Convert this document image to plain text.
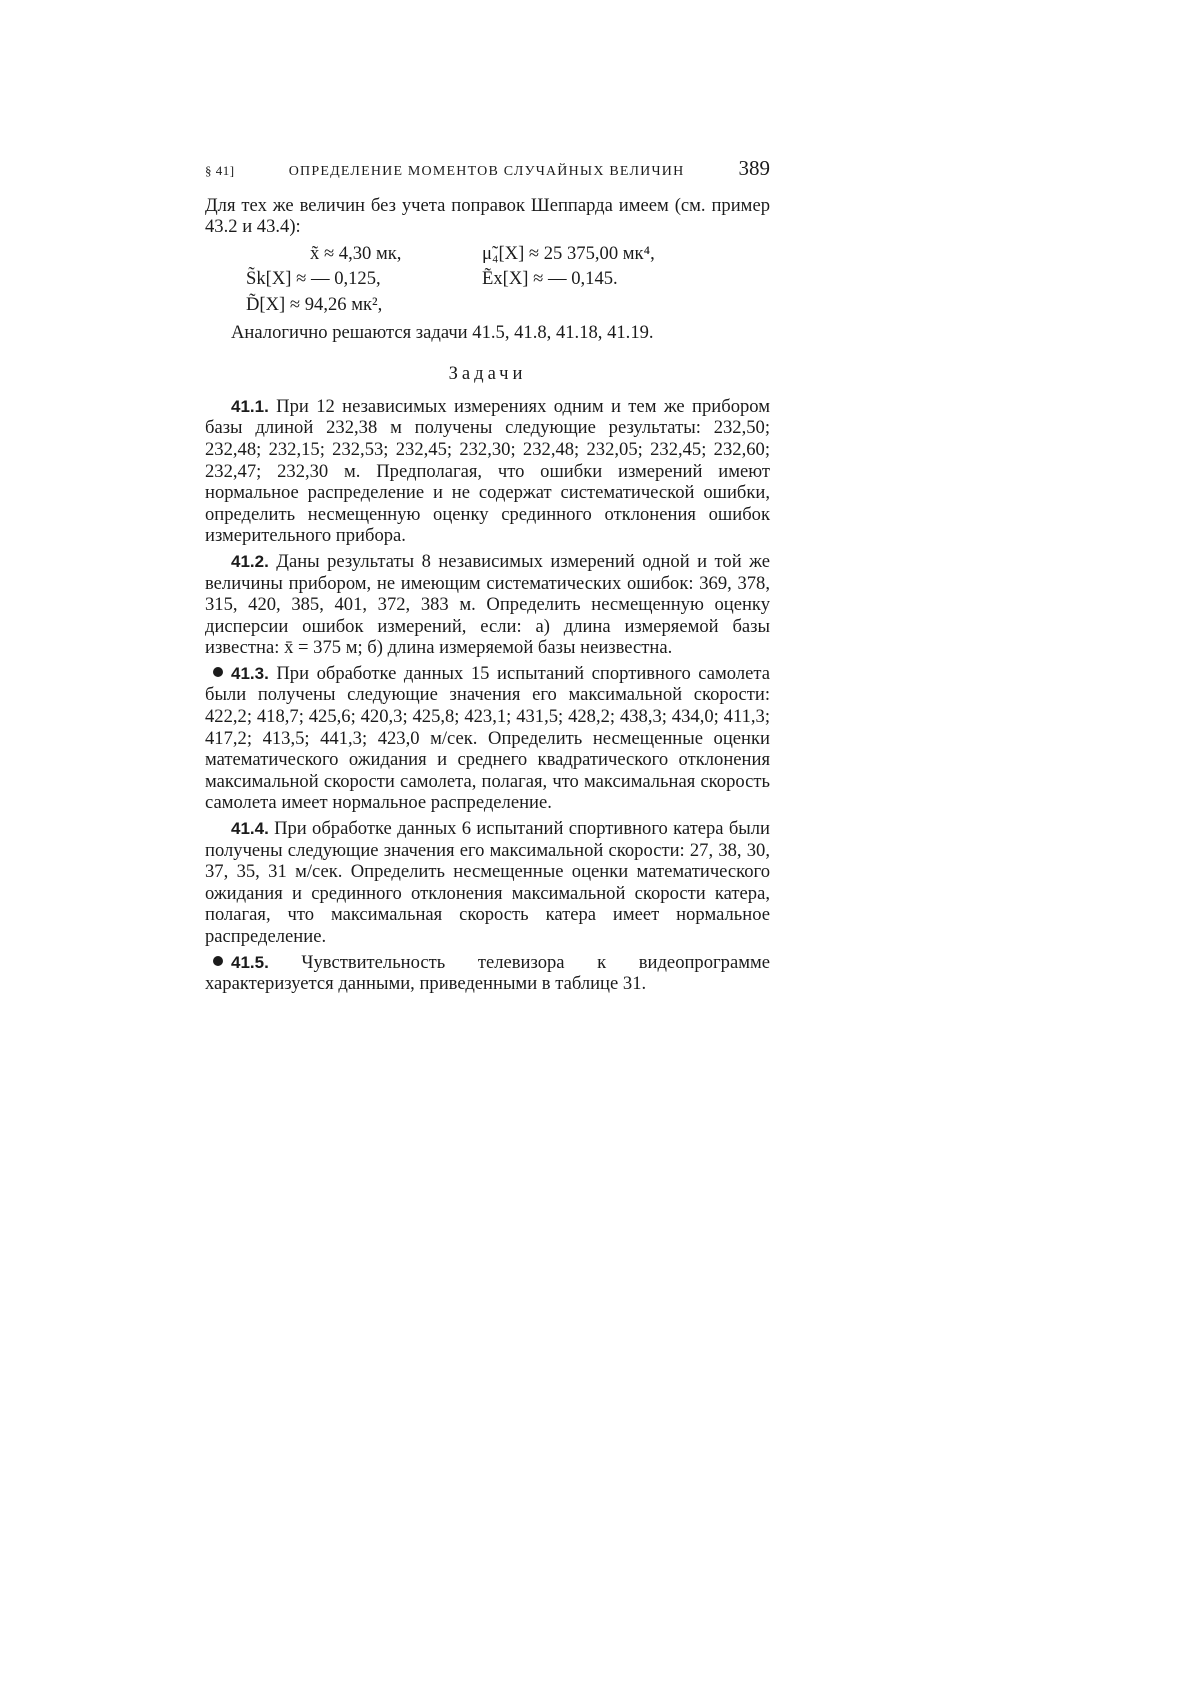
§ 41]	ОПРЕДЕЛЕНИЕ МОМЕНТОВ СЛУЧАЙНЫХ ВЕЛИЧИН	389

Для тех же величин без учета поправок Шеппарда имеем (см. пример 43.2 и 43.4):

x̃ ≈ 4,30 мк,	μ̃₄[X] ≈ 25 375,00 мк⁴,
S̃k[X] ≈ — 0,125,	Ẽx[X] ≈ — 0,145.
D̃[X] ≈ 94,26 мк²,

Аналогично решаются задачи 41.5, 41.8, 41.18, 41.19.

Задачи

41.1. При 12 независимых измерениях одним и тем же прибором базы длиной 232,38 м получены следующие результаты: 232,50; 232,48; 232,15; 232,53; 232,45; 232,30; 232,48; 232,05; 232,45; 232,60; 232,47; 232,30 м. Предполагая, что ошибки измерений имеют нормальное распределение и не содержат систематической ошибки, определить несмещенную оценку срединного отклонения ошибок измерительного прибора.

41.2. Даны результаты 8 независимых измерений одной и той же величины прибором, не имеющим систематических ошибок: 369, 378, 315, 420, 385, 401, 372, 383 м. Определить несмещенную оценку дисперсии ошибок измерений, если: а) длина измеряемой базы известна: x̄ = 375 м; б) длина измеряемой базы неизвестна.

41.3. При обработке данных 15 испытаний спортивного самолета были получены следующие значения его максимальной скорости: 422,2; 418,7; 425,6; 420,3; 425,8; 423,1; 431,5; 428,2; 438,3; 434,0; 411,3; 417,2; 413,5; 441,3; 423,0 м/сек. Определить несмещенные оценки математического ожидания и среднего квадратического отклонения максимальной скорости самолета, полагая, что максимальная скорость самолета имеет нормальное распределение.

41.4. При обработке данных 6 испытаний спортивного катера были получены следующие значения его максимальной скорости: 27, 38, 30, 37, 35, 31 м/сек. Определить несмещенные оценки математического ожидания и срединного отклонения максимальной скорости катера, полагая, что максимальная скорость катера имеет нормальное распределение.

41.5. Чувствительность телевизора к видеопрограмме характеризуется данными, приведенными в таблице 31.
